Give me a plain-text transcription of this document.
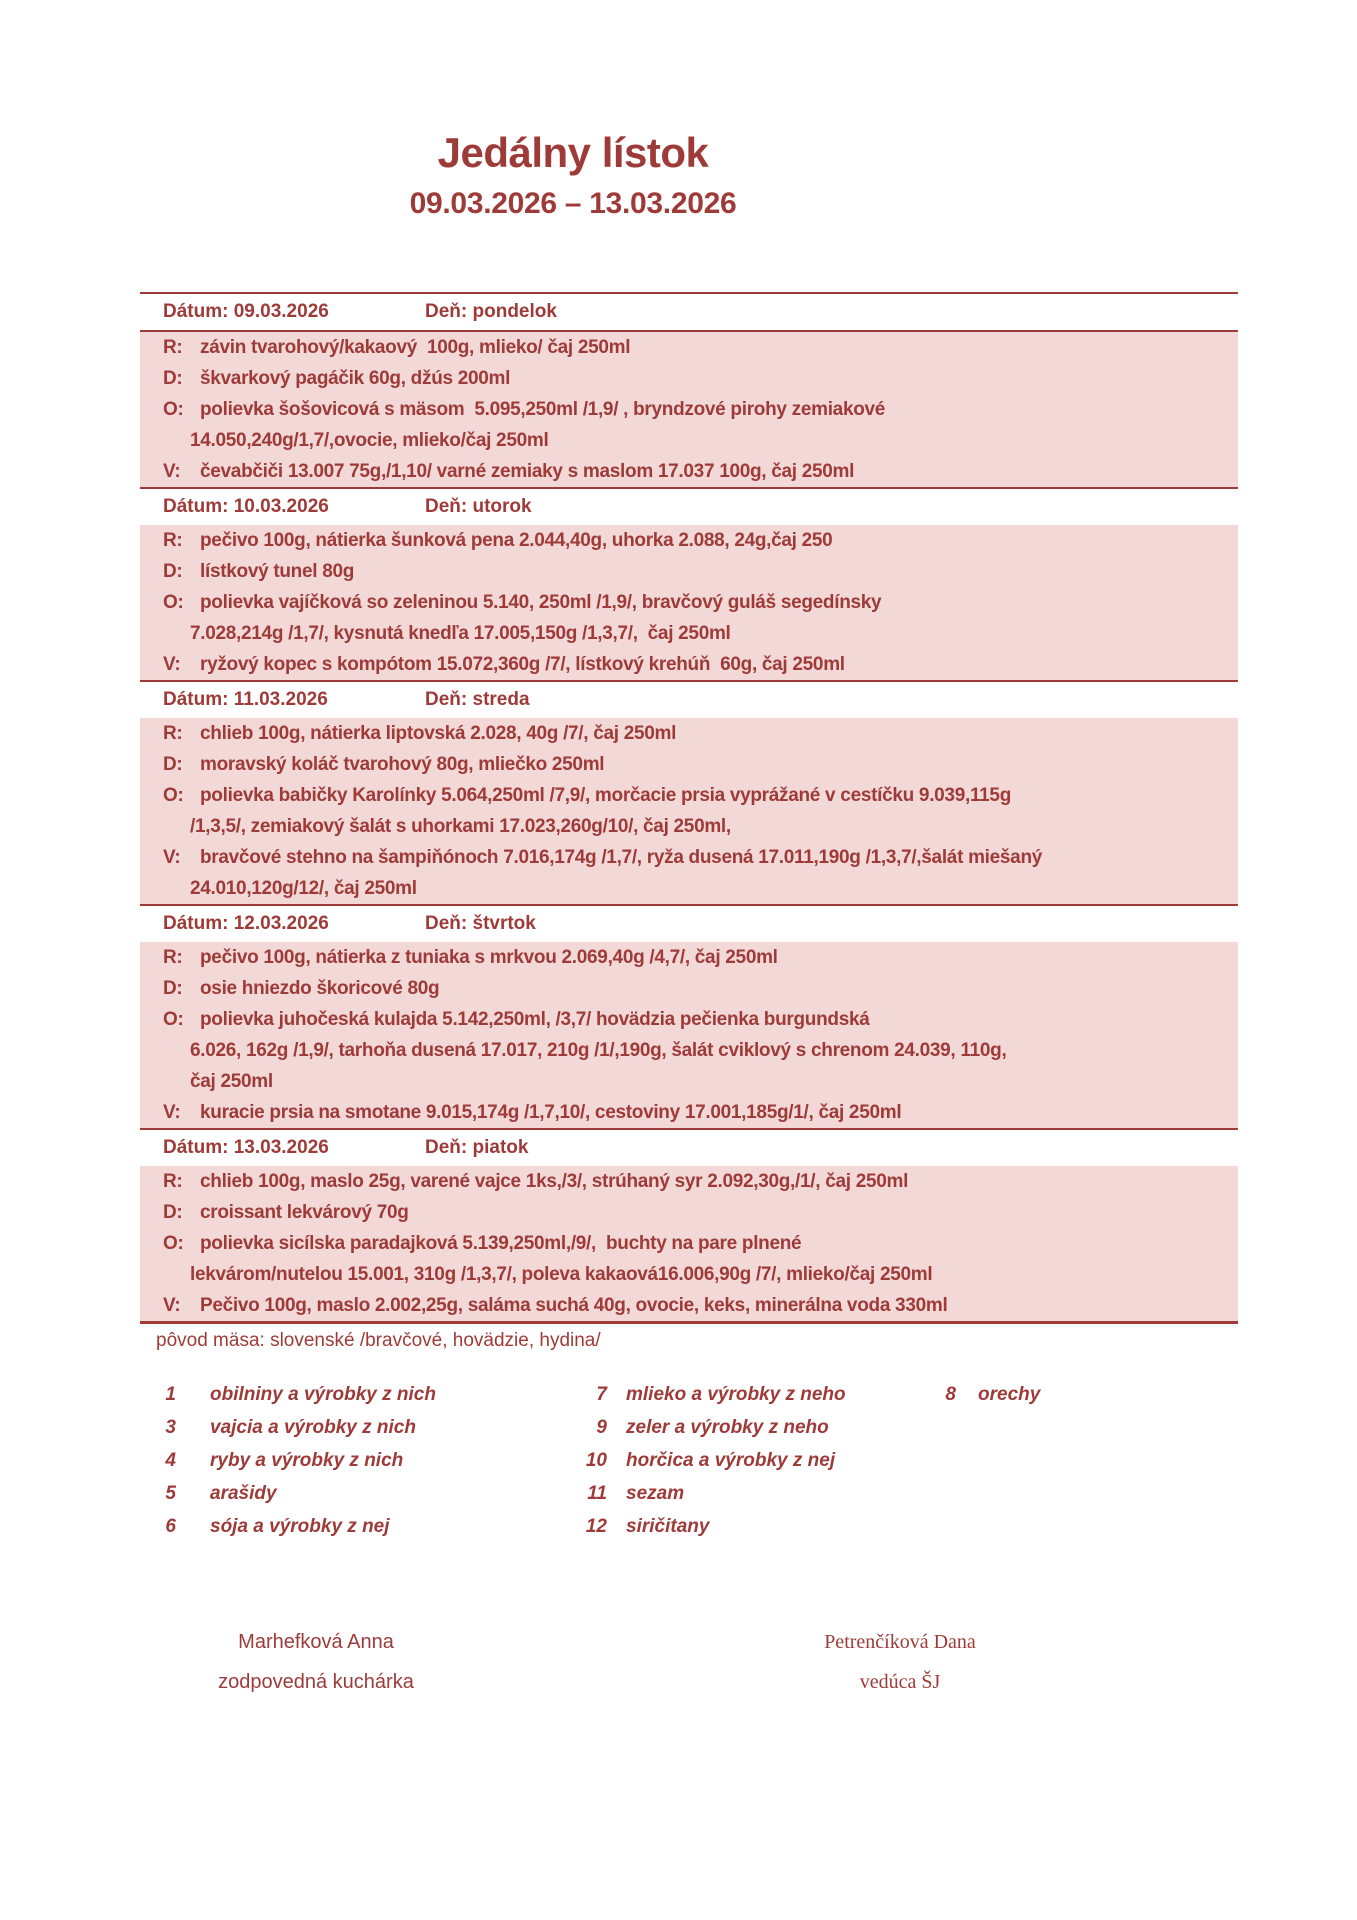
Jedálny lístok
09.03.2026 – 13.03.2026
Dátum: 09.03.2026	Deň: pondelok
R: závin tvarohový/kakaový  100g, mlieko/ čaj 250ml
D: škvarkový pagáčik 60g, džús 200ml
O: polievka šošovicová s mäsom  5.095,250ml /1,9/ , bryndzové pirohy zemiakové
14.050,240g/1,7/,ovocie, mlieko/čaj 250ml
V: čevabčiči 13.007 75g,/1,10/ varné zemiaky s maslom 17.037 100g, čaj 250ml
Dátum: 10.03.2026	Deň: utorok
R: pečivo 100g, nátierka šunková pena 2.044,40g, uhorka 2.088, 24g,čaj 250
D: lístkový tunel 80g
O: polievka vajíčková so zeleninou 5.140, 250ml /1,9/, bravčový guláš segedínsky
7.028,214g /1,7/, kysnutá knedľa 17.005,150g /1,3,7/,  čaj 250ml
V: ryžový kopec s kompótom 15.072,360g /7/, lístkový krehúň  60g, čaj 250ml
Dátum: 11.03.2026	Deň: streda
R: chlieb 100g, nátierka liptovská 2.028, 40g /7/, čaj 250ml
D: moravský koláč tvarohový 80g, mliečko 250ml
O: polievka babičky Karolínky 5.064,250ml /7,9/, morčacie prsia vyprážané v cestíčku 9.039,115g
/1,3,5/, zemiakový šalát s uhorkami 17.023,260g/10/, čaj 250ml,
V: bravčové stehno na šampiňónoch 7.016,174g /1,7/, ryža dusená 17.011,190g /1,3,7/,šalát miešaný
24.010,120g/12/, čaj 250ml
Dátum: 12.03.2026	Deň: štvrtok
R: pečivo 100g, nátierka z tuniaka s mrkvou 2.069,40g /4,7/, čaj 250ml
D: osie hniezdo škoricové 80g
O: polievka juhočeská kulajda 5.142,250ml, /3,7/ hovädzia pečienka burgundská
6.026, 162g /1,9/, tarhoňa dusená 17.017, 210g /1/,190g, šalát cviklový s chrenom 24.039, 110g,
čaj 250ml
V: kuracie prsia na smotane 9.015,174g /1,7,10/, cestoviny 17.001,185g/1/, čaj 250ml
Dátum: 13.03.2026	Deň: piatok
R: chlieb 100g, maslo 25g, varené vajce 1ks,/3/, strúhaný syr 2.092,30g,/1/, čaj 250ml
D: croissant lekvárový 70g
O: polievka sicílska paradajková 5.139,250ml,/9/,  buchty na pare plnené
lekvárom/nutelou 15.001, 310g /1,3,7/, poleva kakaová16.006,90g /7/, mlieko/čaj 250ml
V: Pečivo 100g, maslo 2.002,25g, saláma suchá 40g, ovocie, keks, minerálna voda 330ml
pôvod mäsa: slovenské /bravčové, hovädzie, hydina/
1 obilniny a výrobky z nich	7 mlieko a výrobky z neho	8 orechy
3 vajcia a výrobky z nich	9 zeler a výrobky z neho
4 ryby a výrobky z nich	10 horčica a výrobky z nej
5 arašidy	11 sezam
6 sója a výrobky z nej	12 siričitany
Marhefková Anna
zodpovedná kuchárka
Petrenčíková Dana
vedúca ŠJ
